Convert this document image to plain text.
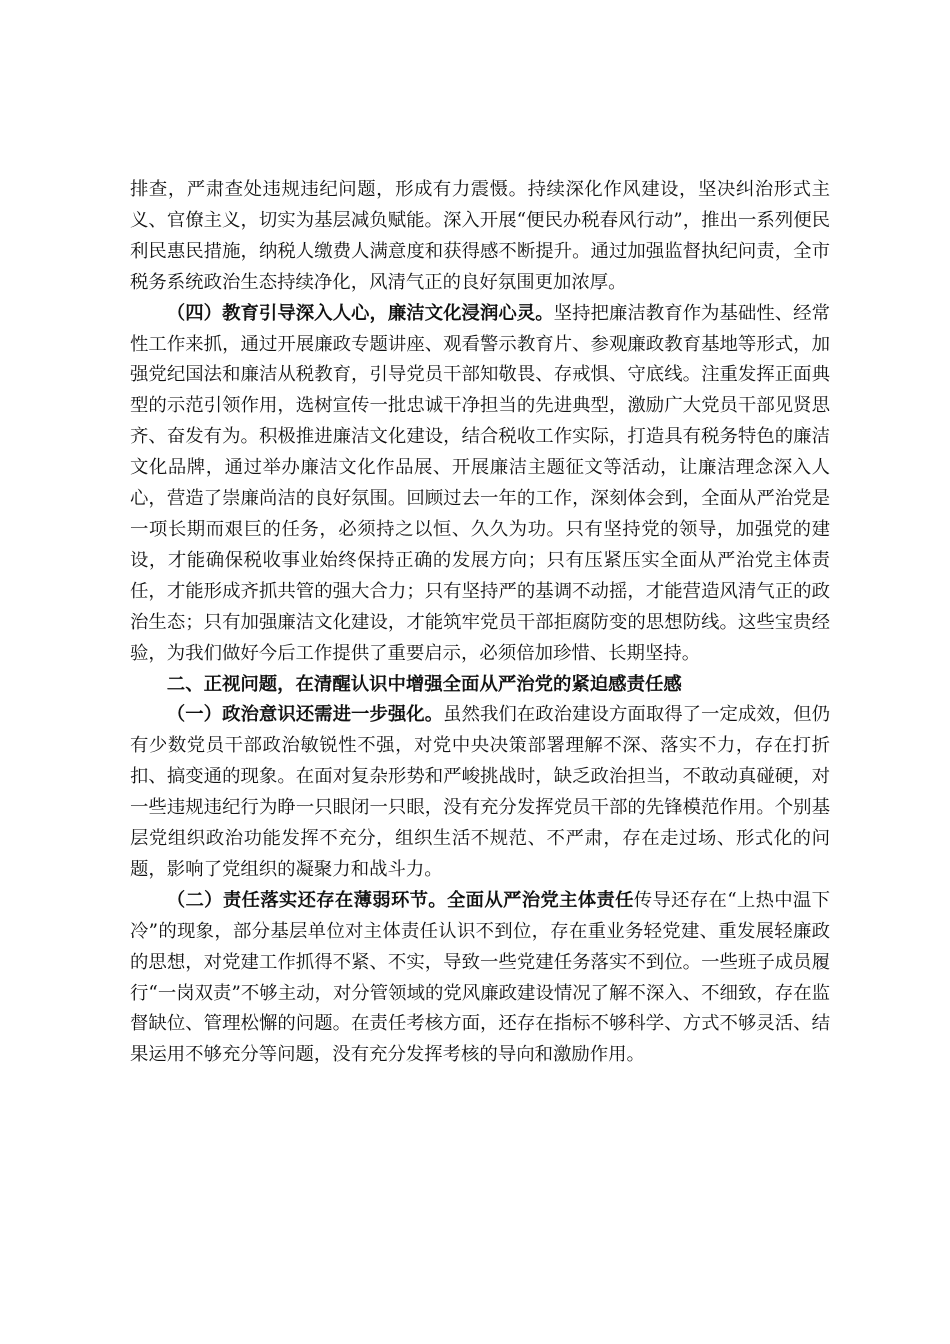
排查，严肃查处违规违纪问题，形成有力震慑。持续深化作风建设，坚决纠治形式主义、官僚主义，切实为基层减负赋能。深入开展“便民办税春风行动”，推出一系列便民利民惠民措施，纳税人缴费人满意度和获得感不断提升。通过加强监督执纪问责，全市税务系统政治生态持续净化，风清气正的良好氛围更加浓厚。

（四）教育引导深入人心，廉洁文化浸润心灵。坚持把廉洁教育作为基础性、经常性工作来抓，通过开展廉政专题讲座、观看警示教育片、参观廉政教育基地等形式，加强党纪国法和廉洁从税教育，引导党员干部知敬畏、存戒惧、守底线。注重发挥正面典型的示范引领作用，选树宣传一批忠诚干净担当的先进典型，激励广大党员干部见贤思齐、奋发有为。积极推进廉洁文化建设，结合税收工作实际，打造具有税务特色的廉洁文化品牌，通过举办廉洁文化作品展、开展廉洁主题征文等活动，让廉洁理念深入人心，营造了崇廉尚洁的良好氛围。回顾过去一年的工作，深刻体会到，全面从严治党是一项长期而艰巨的任务，必须持之以恒、久久为功。只有坚持党的领导，加强党的建设，才能确保税收事业始终保持正确的发展方向；只有压紧压实全面从严治党主体责任，才能形成齐抓共管的强大合力；只有坚持严的基调不动摇，才能营造风清气正的政治生态；只有加强廉洁文化建设，才能筑牢党员干部拒腐防变的思想防线。这些宝贵经验，为我们做好今后工作提供了重要启示，必须倍加珍惜、长期坚持。

二、正视问题，在清醒认识中增强全面从严治党的紧迫感责任感

（一）政治意识还需进一步强化。虽然我们在政治建设方面取得了一定成效，但仍有少数党员干部政治敏锐性不强，对党中央决策部署理解不深、落实不力，存在打折扣、搞变通的现象。在面对复杂形势和严峻挑战时，缺乏政治担当，不敢动真碰硬，对一些违规违纪行为睁一只眼闭一只眼，没有充分发挥党员干部的先锋模范作用。个别基层党组织政治功能发挥不充分，组织生活不规范、不严肃，存在走过场、形式化的问题，影响了党组织的凝聚力和战斗力。

（二）责任落实还存在薄弱环节。全面从严治党主体责任传导还存在“上热中温下冷”的现象，部分基层单位对主体责任认识不到位，存在重业务轻党建、重发展轻廉政的思想，对党建工作抓得不紧、不实，导致一些党建任务落实不到位。一些班子成员履行“一岗双责”不够主动，对分管领域的党风廉政建设情况了解不深入、不细致，存在监督缺位、管理松懈的问题。在责任考核方面，还存在指标不够科学、方式不够灵活、结果运用不够充分等问题，没有充分发挥考核的导向和激励作用。
